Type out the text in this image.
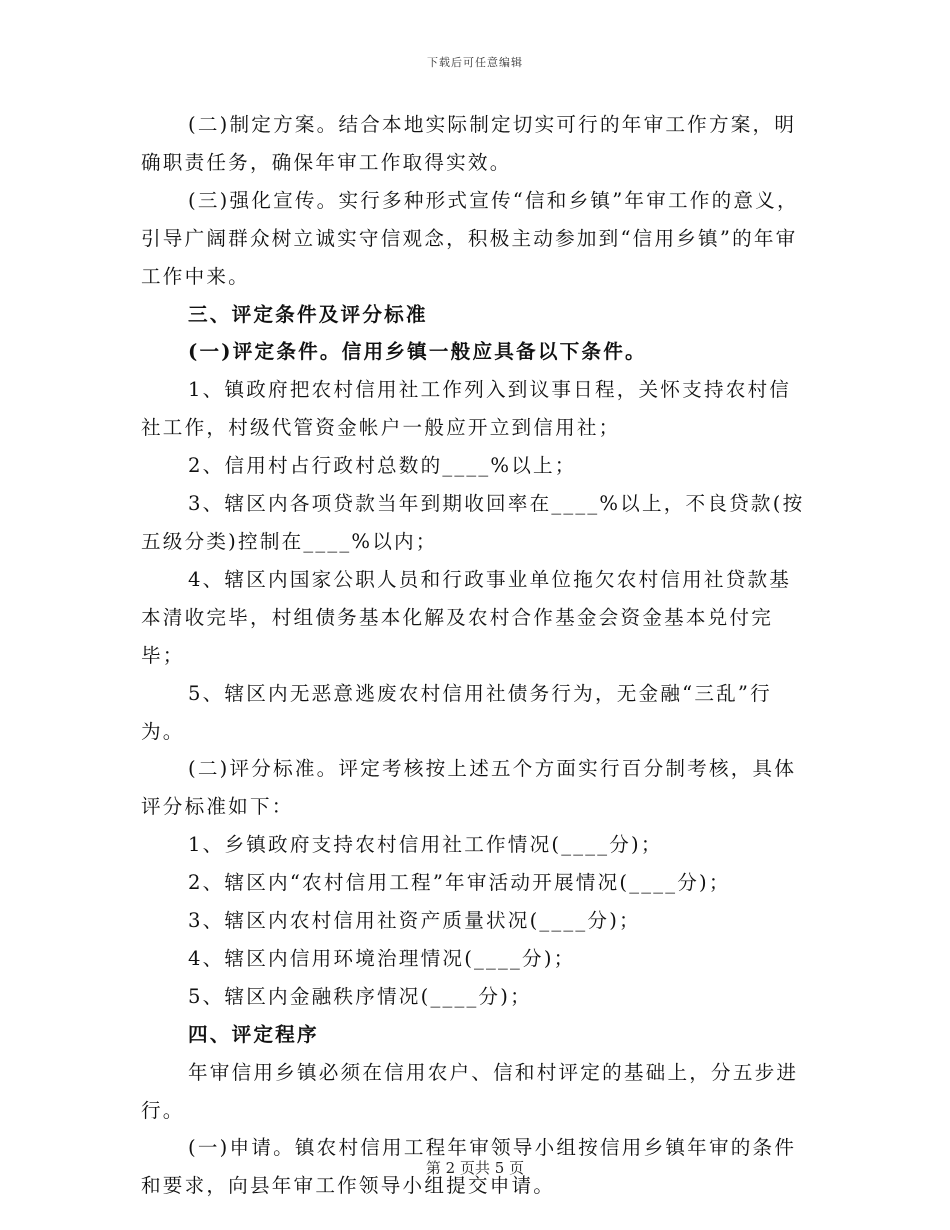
下载后可任意编辑

(二)制定方案。结合本地实际制定切实可行的年审工作方案，明确职责任务，确保年审工作取得实效。

(三)强化宣传。实行多种形式宣传“信和乡镇”年审工作的意义，引导广阔群众树立诚实守信观念，积极主动参加到“信用乡镇”的年审工作中来。

三、评定条件及评分标准

(一)评定条件。信用乡镇一般应具备以下条件。

1、镇政府把农村信用社工作列入到议事日程，关怀支持农村信社工作，村级代管资金帐户一般应开立到信用社；

2、信用村占行政村总数的____%以上；

3、辖区内各项贷款当年到期收回率在____%以上，不良贷款(按五级分类)控制在____%以内；

4、辖区内国家公职人员和行政事业单位拖欠农村信用社贷款基本清收完毕，村组债务基本化解及农村合作基金会资金基本兑付完毕；

5、辖区内无恶意逃废农村信用社债务行为，无金融“三乱”行为。

(二)评分标准。评定考核按上述五个方面实行百分制考核，具体评分标准如下：

1、乡镇政府支持农村信用社工作情况(____分)；

2、辖区内“农村信用工程”年审活动开展情况(____分)；

3、辖区内农村信用社资产质量状况(____分)；

4、辖区内信用环境治理情况(____分)；

5、辖区内金融秩序情况(____分)；

四、评定程序

年审信用乡镇必须在信用农户、信和村评定的基础上，分五步进行。

(一)申请。镇农村信用工程年审领导小组按信用乡镇年审的条件和要求，向县年审工作领导小组提交申请。

第 2 页共 5 页
